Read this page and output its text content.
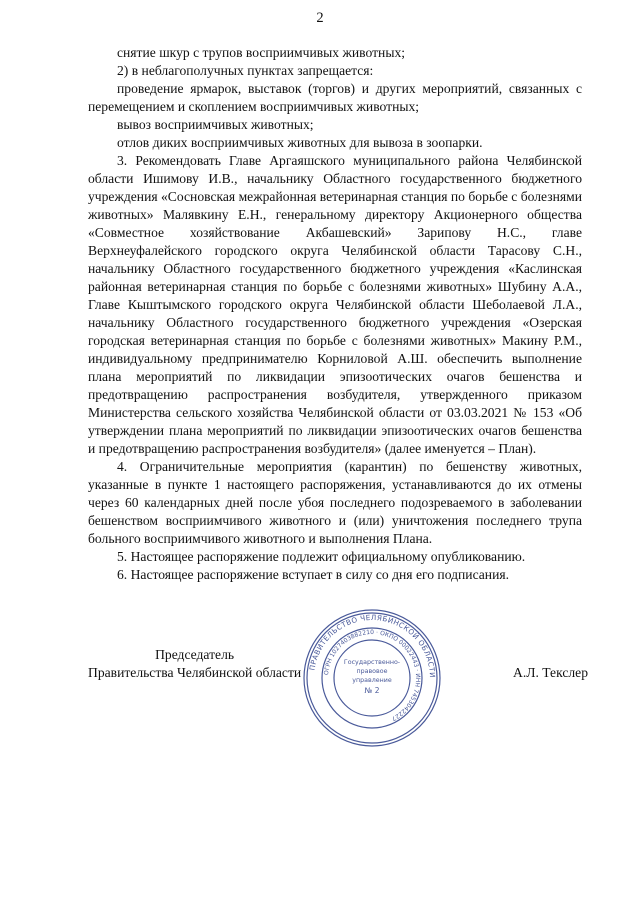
2

снятие шкур с трупов восприимчивых животных;

2) в неблагополучных пунктах запрещается:

проведение ярмарок, выставок (торгов) и других мероприятий, связанных с перемещением и скоплением восприимчивых животных;

вывоз восприимчивых животных;

отлов диких восприимчивых животных для вывоза в зоопарки.

3. Рекомендовать Главе Аргаяшского муниципального района Челябинской области Ишимову И.В., начальнику Областного государственного бюджетного учреждения «Сосновская межрайонная ветеринарная станция по борьбе с болезнями животных» Малявкину Е.Н., генеральному директору Акционерного общества «Совместное хозяйствование Акбашевский» Зарипову Н.С., главе Верхнеуфалейского городского округа Челябинской области Тарасову С.Н., начальнику Областного государственного бюджетного учреждения «Каслинская районная ветеринарная станция по борьбе с болезнями животных» Шубину А.А., Главе Кыштымского городского округа Челябинской области Шеболаевой Л.А., начальнику Областного государственного бюджетного учреждения «Озерская городская ветеринарная станция по борьбе с болезнями животных» Макину Р.М., индивидуальному предпринимателю Корниловой А.Ш. обеспечить выполнение плана мероприятий по ликвидации эпизоотических очагов бешенства и предотвращению распространения возбудителя, утвержденного приказом Министерства сельского хозяйства Челябинской области от 03.03.2021 № 153 «Об утверждении плана мероприятий по ликвидации эпизоотических очагов бешенства и предотвращению распространения возбудителя» (далее именуется – План).

4. Ограничительные мероприятия (карантин) по бешенству животных, указанные в пункте 1 настоящего распоряжения, устанавливаются до их отмены через 60 календарных дней после убоя последнего подозреваемого в заболевании бешенством восприимчивого животного и (или) уничтожения последнего трупа больного восприимчивого животного и выполнения Плана.

5. Настоящее распоряжение подлежит официальному опубликованию.

6. Настоящее распоряжение вступает в силу со дня его подписания.

Председатель
Правительства Челябинской области ПРАВИТЕЛЬСТВО ЧЕЛЯБИНСКОЙ ОБЛАСТИ
ОГРН 1027403882210 · ОКПО 00022443 · ИНН 7453042227
Государственно-
правовое
управление
№ 2
А.Л. Текслер
